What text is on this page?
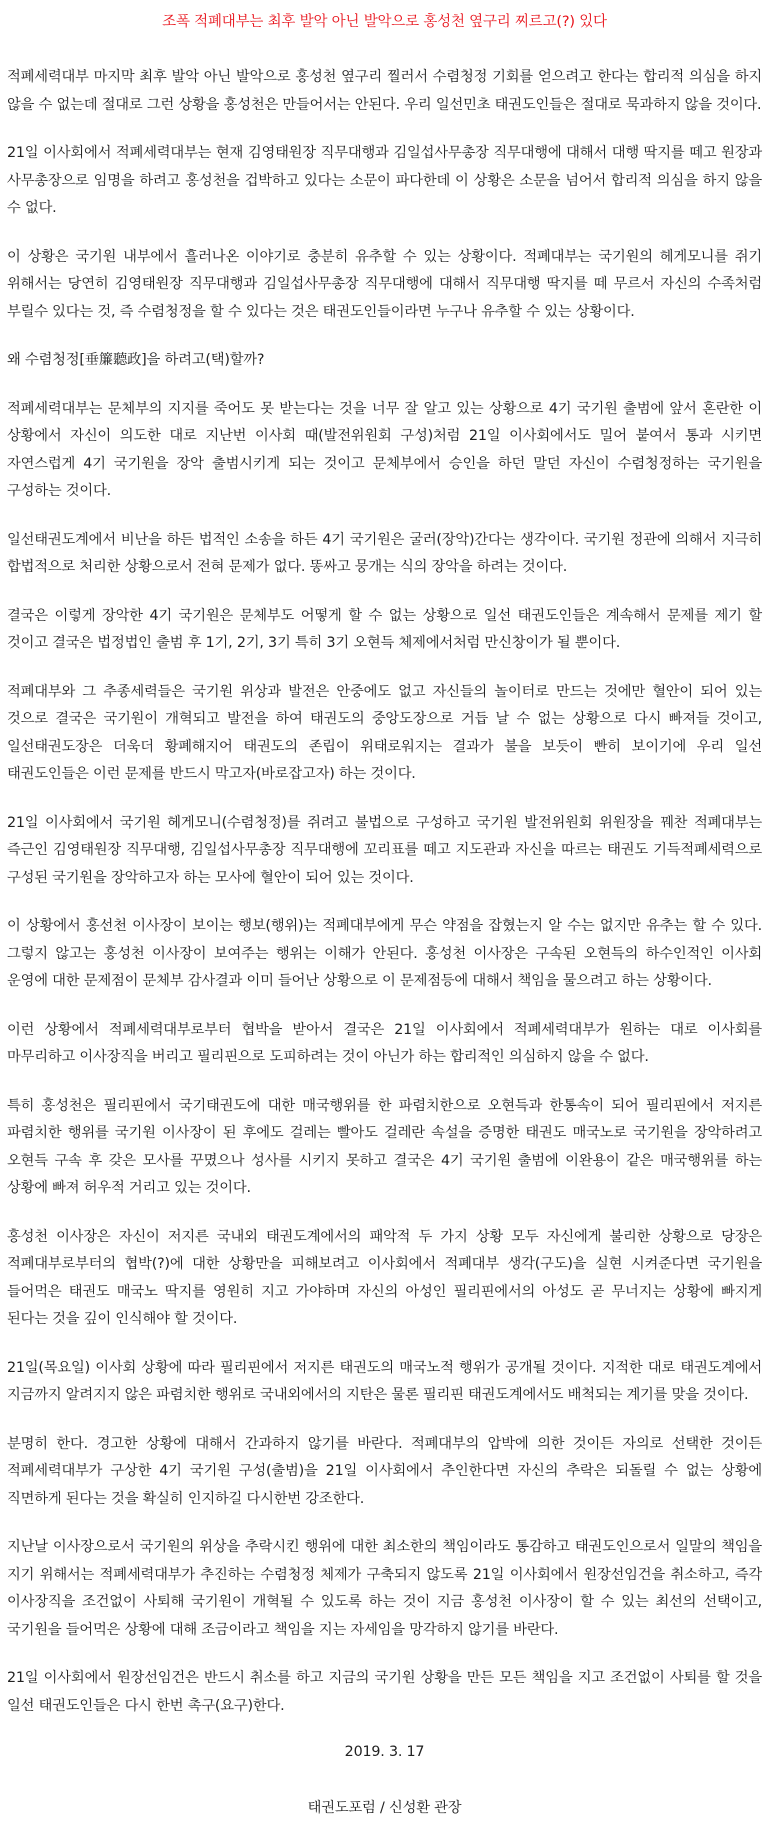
조폭 적폐대부는 최후 발악 아닌 발악으로 홍성천 옆구리 찌르고(?) 있다

적폐세력대부 마지막 최후 발악 아닌 발악으로 홍성천 옆구리 찔러서 수렴청정 기회를 얻으려고 한다는 합리적 의심을 하지 않을 수 없는데 절대로 그런 상황을 홍성천은 만들어서는 안된다. 우리 일선민초 태권도인들은 절대로 묵과하지 않을 것이다.

21일 이사회에서 적폐세력대부는 현재 김영태원장 직무대행과 김일섭사무총장 직무대행에 대해서 대행 딱지를 떼고 원장과 사무총장으로 임명을 하려고 홍성천을 겁박하고 있다는 소문이 파다한데 이 상황은 소문을 넘어서 합리적 의심을 하지 않을 수 없다.

이 상황은 국기원 내부에서 흘러나온 이야기로 충분히 유추할 수 있는 상황이다. 적폐대부는 국기원의 헤게모니를 쥐기 위해서는 당연히 김영태원장 직무대행과 김일섭사무총장 직무대행에 대해서 직무대행 딱지를 떼 무르서 자신의 수족처럼 부릴수 있다는 것, 즉 수렴청정을 할 수 있다는 것은 태권도인들이라면 누구나 유추할 수 있는 상황이다.

왜 수렴청정[垂簾聽政]을 하려고(택)할까?

적폐세력대부는 문체부의 지지를 죽어도 못 받는다는 것을 너무 잘 알고 있는 상황으로 4기 국기원 출범에 앞서 혼란한 이 상황에서 자신이 의도한 대로 지난번 이사회 때(발전위원회 구성)처럼 21일 이사회에서도 밀어 붙여서 통과 시키면 자연스럽게 4기 국기원을 장악 출범시키게 되는 것이고 문체부에서 승인을 하던 말던 자신이 수렴청정하는 국기원을 구성하는 것이다.

일선태권도계에서 비난을 하든 법적인 소송을 하든 4기 국기원은 굴러(장악)간다는 생각이다. 국기원 정관에 의해서 지극히 합법적으로 처리한 상황으로서 전혀 문제가 없다. 똥싸고 뭉개는 식의 장악을 하려는 것이다.

결국은 이렇게 장악한 4기 국기원은 문체부도 어떻게 할 수 없는 상황으로 일선 태권도인들은 계속해서 문제를 제기 할 것이고 결국은 법정법인 출범 후 1기, 2기, 3기 특히 3기 오현득 체제에서처럼 만신창이가 될 뿐이다.

적폐대부와 그 추종세력들은 국기원 위상과 발전은 안중에도 없고 자신들의 놀이터로 만드는 것에만 혈안이 되어 있는 것으로 결국은 국기원이 개혁되고 발전을 하여 태권도의 중앙도장으로 거듭 날 수 없는 상황으로 다시 빠져들 것이고, 일선태권도장은 더욱더 황폐해지어 태권도의 존립이 위태로워지는 결과가 불을 보듯이 빤히 보이기에 우리 일선 태권도인들은 이런 문제를 반드시 막고자(바로잡고자) 하는 것이다.

21일 이사회에서 국기원 헤게모니(수렴청정)를 쥐려고 불법으로 구성하고 국기원 발전위원회 위원장을 꿰찬 적폐대부는 즉근인 김영태원장 직무대행, 김일섭사무총장 직무대행에 꼬리표를 떼고 지도관과 자신을 따르는 태권도 기득적폐세력으로 구성된 국기원을 장악하고자 하는 모사에 혈안이 되어 있는 것이다.

이 상황에서 홍선천 이사장이 보이는 행보(행위)는 적폐대부에게 무슨 약점을 잡혔는지 알 수는 없지만 유추는 할 수 있다. 그렇지 않고는 홍성천 이사장이 보여주는 행위는 이해가 안된다. 홍성천 이사장은 구속된 오현득의 하수인적인 이사회 운영에 대한 문제점이 문체부 감사결과 이미 들어난 상황으로 이 문제점등에 대해서 책임을 물으려고 하는 상황이다.

이런 상황에서 적폐세력대부로부터 협박을 받아서 결국은 21일 이사회에서 적폐세력대부가 원하는 대로 이사회를 마무리하고 이사장직을 버리고 필리핀으로 도피하려는 것이 아닌가 하는 합리적인 의심하지 않을 수 없다.

특히 홍성천은 필리핀에서 국기태권도에 대한 매국행위를 한 파렴치한으로 오현득과 한통속이 되어 필리핀에서 저지른 파렴치한 행위를 국기원 이사장이 된 후에도 걸레는 빨아도 걸레란 속설을 증명한 태권도 매국노로 국기원을 장악하려고 오현득 구속 후 갖은 모사를 꾸몄으나 성사를 시키지 못하고 결국은 4기 국기원 출범에 이완용이 같은 매국행위를 하는 상황에 빠져 허우적 거리고 있는 것이다.

홍성천 이사장은 자신이 저지른 국내외 태권도계에서의 패악적 두 가지 상황 모두 자신에게 불리한 상황으로 당장은 적폐대부로부터의 협박(?)에 대한 상황만을 피해보려고 이사회에서 적폐대부 생각(구도)을 실현 시켜준다면 국기원을 들어먹은 태권도 매국노 딱지를 영원히 지고 가야하며 자신의 아성인 필리핀에서의 아성도 곧 무너지는 상황에 빠지게 된다는 것을 깊이 인식해야 할 것이다.

21일(목요일) 이사회 상황에 따라 필리핀에서 저지른 태권도의 매국노적 행위가 공개될 것이다. 지적한 대로 태권도계에서 지금까지 알려지지 않은 파렴치한 행위로 국내외에서의 지탄은 물론 필리핀 태권도계에서도 배척되는 계기를 맞을 것이다.

분명히 한다. 경고한 상황에 대해서 간과하지 않기를 바란다. 적폐대부의 압박에 의한 것이든 자의로 선택한 것이든 적폐세력대부가 구상한 4기 국기원 구성(출범)을 21일 이사회에서 추인한다면 자신의 추락은 되돌릴 수 없는 상황에 직면하게 된다는 것을 확실히 인지하길 다시한번 강조한다.

지난날 이사장으로서 국기원의 위상을 추락시킨 행위에 대한 최소한의 책임이라도 통감하고 태권도인으로서 일말의 책임을 지기 위해서는 적폐세력대부가 추진하는 수렴청정 체제가 구축되지 않도록 21일 이사회에서 원장선임건을 취소하고, 즉각 이사장직을 조건없이 사퇴해 국기원이 개혁될 수 있도록 하는 것이 지금 홍성천 이사장이 할 수 있는 최선의 선택이고, 국기원을 들어먹은 상황에 대해 조금이라고 책임을 지는 자세임을 망각하지 않기를 바란다.

21일 이사회에서 원장선임건은 반드시 취소를 하고 지금의 국기원 상황을 만든 모든 책임을 지고 조건없이 사퇴를 할 것을 일선 태권도인들은 다시 한번 촉구(요구)한다.

2019. 3. 17
태권도포럼 / 신성환 관장
